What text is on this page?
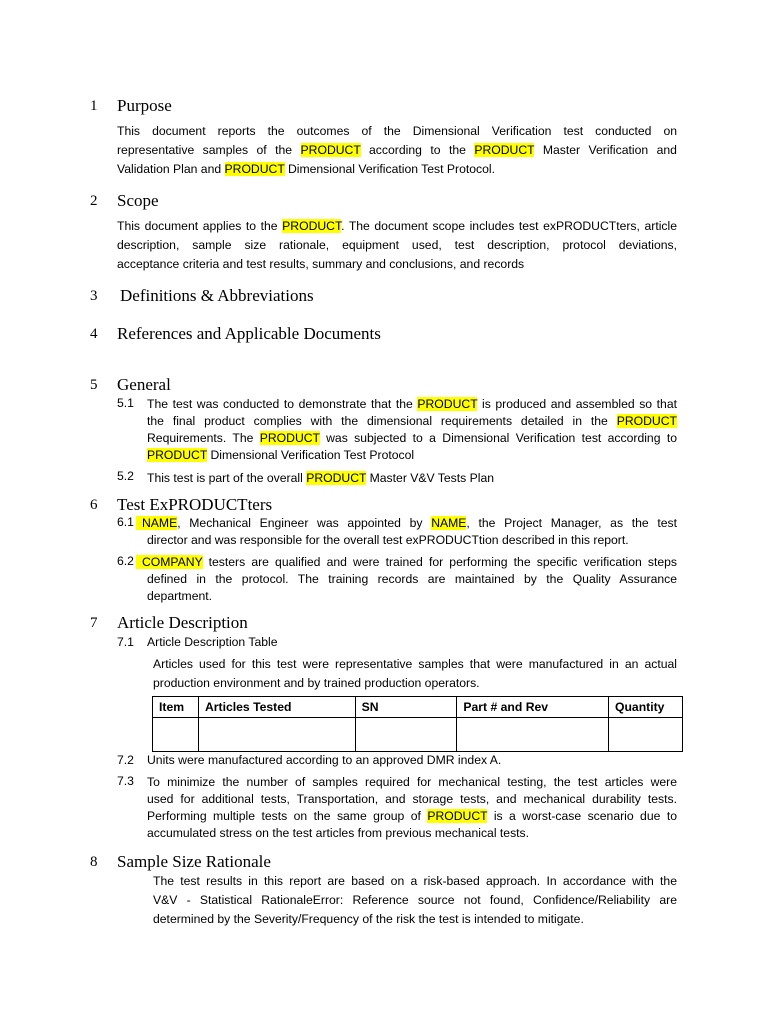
1 Purpose
This document reports the outcomes of the Dimensional Verification test conducted on
representative samples of the PRODUCT according to the PRODUCT Master Verification and
Validation Plan and PRODUCT Dimensional Verification Test Protocol.
2 Scope
This document applies to the PRODUCT. The document scope includes test exPRODUCTters, article
description, sample size rationale, equipment used, test description, protocol deviations,
acceptance criteria and test results, summary and conclusions, and records
3 Definitions & Abbreviations
4 References and Applicable Documents
5 General
5.1 The test was conducted to demonstrate that the PRODUCT is produced and assembled so that
the final product complies with the dimensional requirements detailed in the PRODUCT
Requirements. The PRODUCT was subjected to a Dimensional Verification test according to
PRODUCT Dimensional Verification Test Protocol
5.2 This test is part of the overall PRODUCT Master V&V Tests Plan
6 Test ExPRODUCTters
6.1 NAME, Mechanical Engineer was appointed by NAME, the Project Manager, as the test
director and was responsible for the overall test exPRODUCTtion described in this report.
6.2 COMPANY testers are qualified and were trained for performing the specific verification steps
defined in the protocol. The training records are maintained by the Quality Assurance
department.
7 Article Description
7.1 Article Description Table
Articles used for this test were representative samples that were manufactured in an actual
production environment and by trained production operators.
Item	Articles Tested	SN	Part # and Rev	Quantity

7.2 Units were manufactured according to an approved DMR index A.
7.3 To minimize the number of samples required for mechanical testing, the test articles were
used for additional tests, Transportation, and storage tests, and mechanical durability tests.
Performing multiple tests on the same group of PRODUCT is a worst-case scenario due to
accumulated stress on the test articles from previous mechanical tests.
8 Sample Size Rationale
The test results in this report are based on a risk-based approach. In accordance with the
V&V - Statistical RationaleError: Reference source not found, Confidence/Reliability are
determined by the Severity/Frequency of the risk the test is intended to mitigate.
